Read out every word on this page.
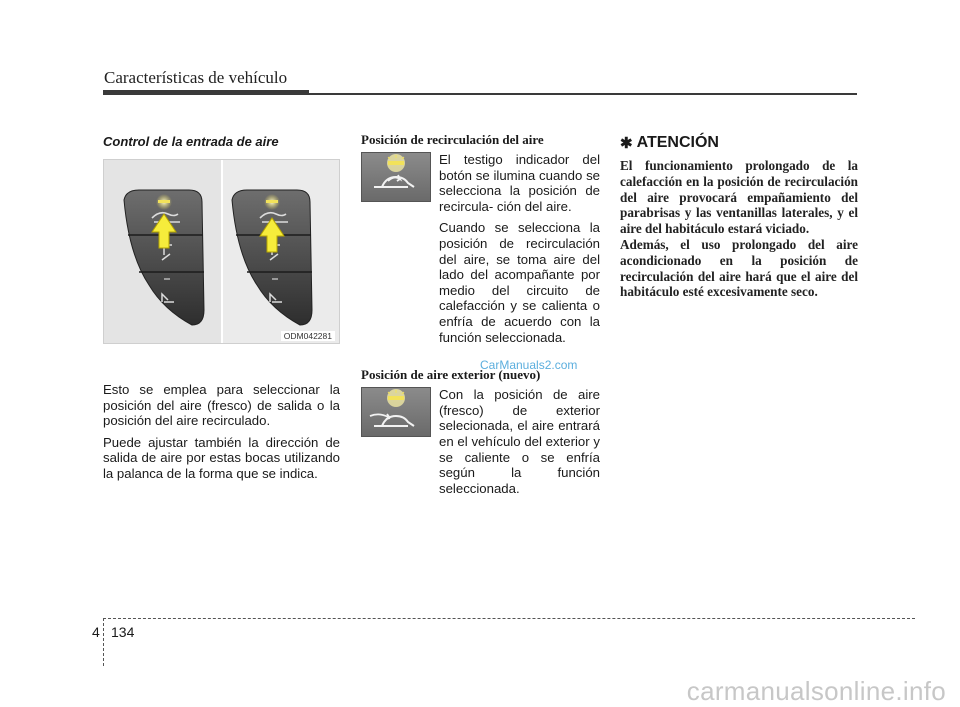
Características de vehículo
Control de la entrada de aire
ODM042281

Esto se emplea para seleccionar la posición del aire (fresco) de salida o la posición del aire recirculado.

Puede ajustar también la dirección de salida de aire por estas bocas utilizando la palanca de la forma que se indica.

Posición de recirculación del aire

El testigo indicador del botón se ilumina cuando se selecciona la posición de recircula- ción del aire.

Cuando se selecciona la posición de recirculación del aire, se toma aire del lado del acompañante por medio del circuito de calefacción y se calienta o enfría de acuerdo con la función seleccionada.

Posición de aire exterior (nuevo)

Con la posición de aire (fresco) de exterior selecionada, el aire entrará en el vehículo del exterior y se caliente o se enfría según la función seleccionada.

✱ ATENCIÓN

El funcionamiento prolongado de la calefacción en la posición de recirculación del aire provocará empañamiento del parabrisas y las ventanillas laterales, y el aire del habitáculo estará viciado.

Además, el uso prolongado del aire acondicionado en la posición de recirculación del aire hará que el aire del habitáculo esté excesivamente seco.

CarManuals2.com
4 134
carmanualsonline.info
